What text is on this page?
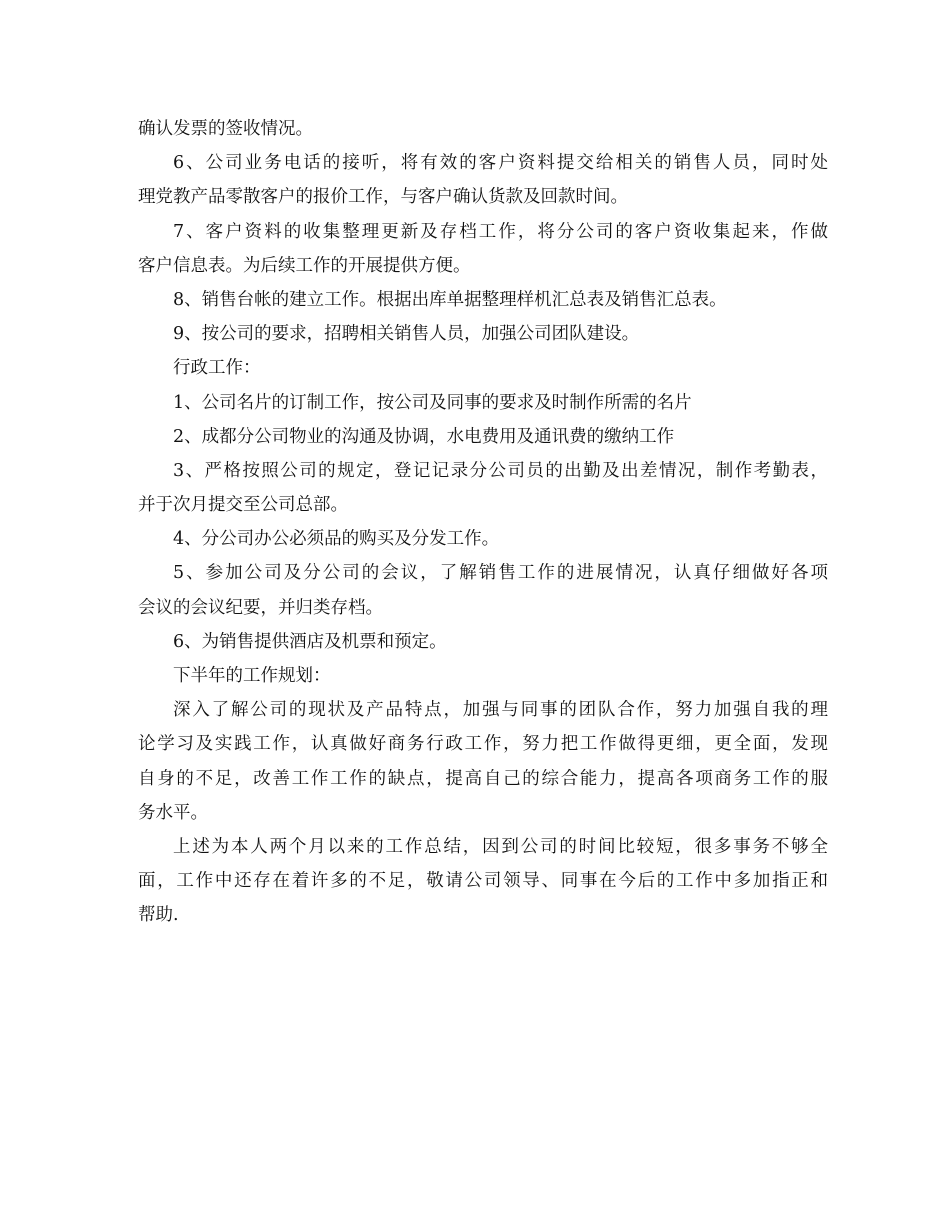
确认发票的签收情况。
6、公司业务电话的接听，将有效的客户资料提交给相关的销售人员，同时处
理党教产品零散客户的报价工作，与客户确认货款及回款时间。
7、客户资料的收集整理更新及存档工作，将分公司的客户资收集起来，作做
客户信息表。为后续工作的开展提供方便。
8、销售台帐的建立工作。根据出库单据整理样机汇总表及销售汇总表。
9、按公司的要求，招聘相关销售人员，加强公司团队建设。
行政工作：
1、公司名片的订制工作，按公司及同事的要求及时制作所需的名片
2、成都分公司物业的沟通及协调，水电费用及通讯费的缴纳工作
3、严格按照公司的规定，登记记录分公司员的出勤及出差情况，制作考勤表，
并于次月提交至公司总部。
4、分公司办公必须品的购买及分发工作。
5、参加公司及分公司的会议，了解销售工作的进展情况，认真仔细做好各项
会议的会议纪要，并归类存档。
6、为销售提供酒店及机票和预定。
下半年的工作规划：
深入了解公司的现状及产品特点，加强与同事的团队合作，努力加强自我的理
论学习及实践工作，认真做好商务行政工作，努力把工作做得更细，更全面，发现
自身的不足，改善工作工作的缺点，提高自己的综合能力，提高各项商务工作的服
务水平。
上述为本人两个月以来的工作总结，因到公司的时间比较短，很多事务不够全
面，工作中还存在着许多的不足，敬请公司领导、同事在今后的工作中多加指正和
帮助.
